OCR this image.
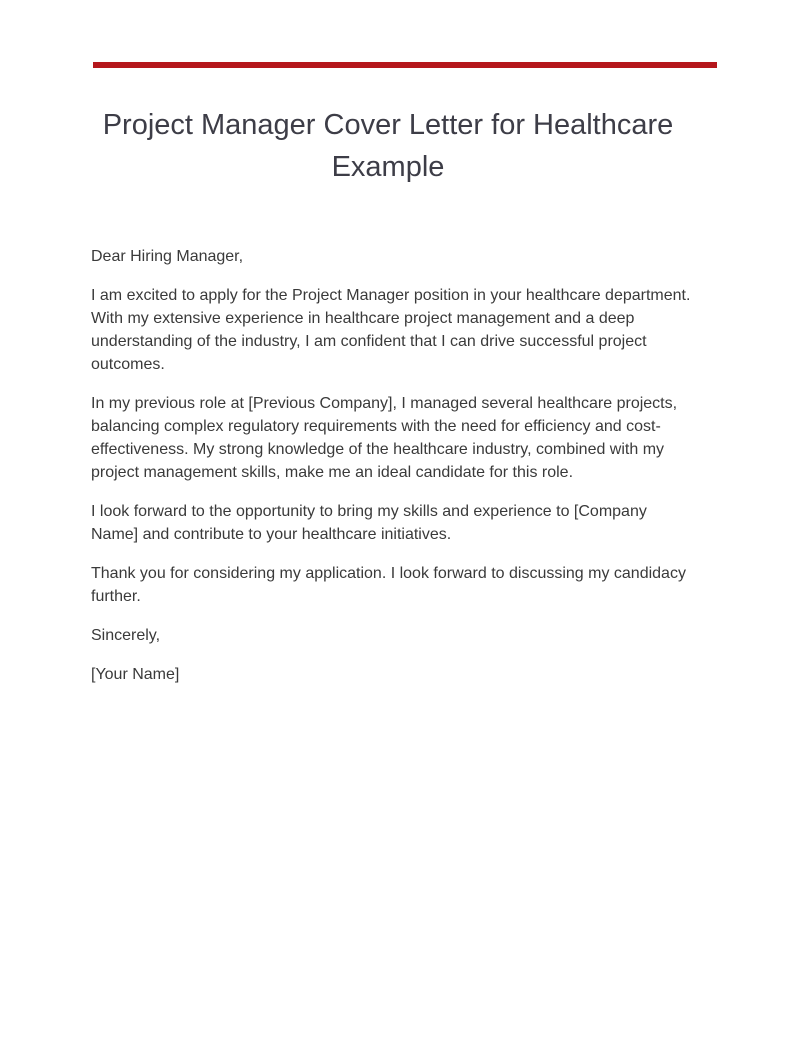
Project Manager Cover Letter for Healthcare Example

Dear Hiring Manager,

I am excited to apply for the Project Manager position in your healthcare department. With my extensive experience in healthcare project management and a deep understanding of the industry, I am confident that I can drive successful project outcomes.

In my previous role at [Previous Company], I managed several healthcare projects, balancing complex regulatory requirements with the need for efficiency and cost-effectiveness. My strong knowledge of the healthcare industry, combined with my project management skills, make me an ideal candidate for this role.

I look forward to the opportunity to bring my skills and experience to [Company Name] and contribute to your healthcare initiatives.

Thank you for considering my application. I look forward to discussing my candidacy further.

Sincerely,

[Your Name]
